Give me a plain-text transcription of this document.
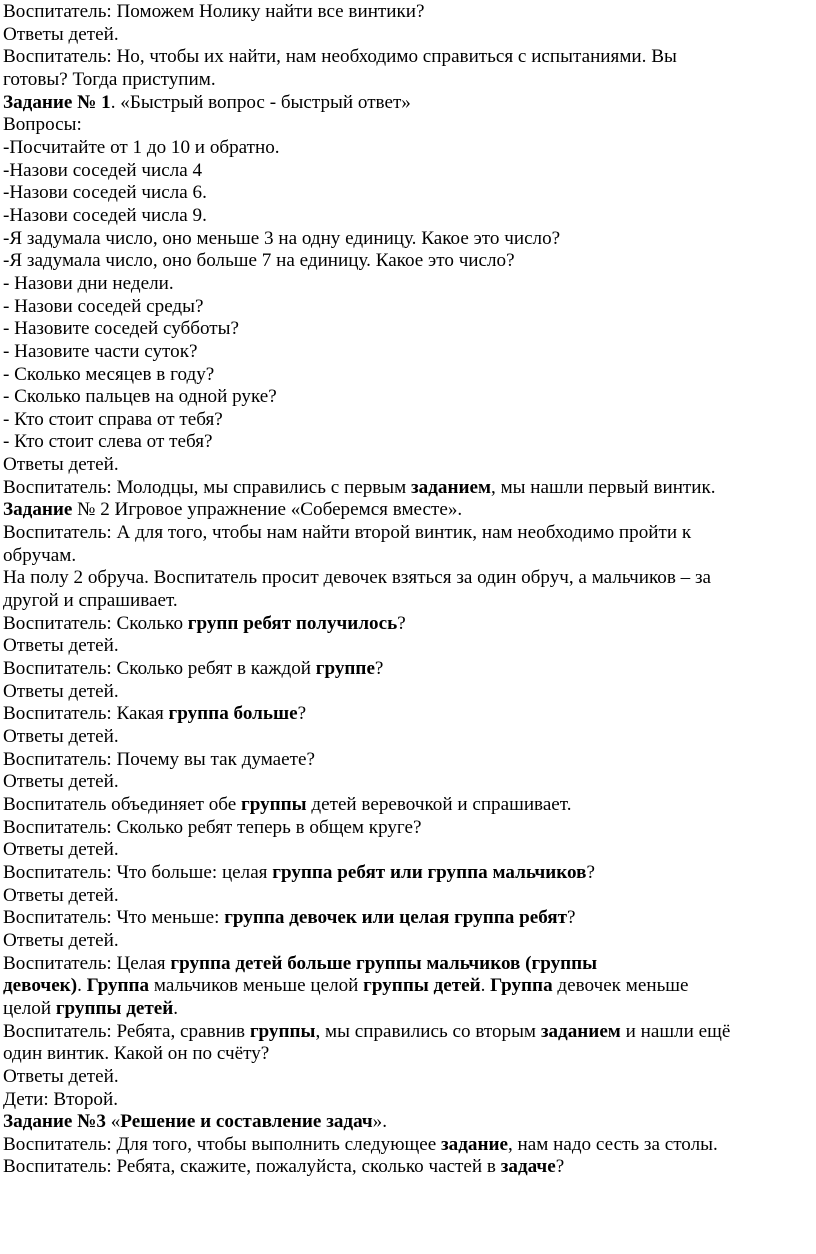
Воспитатель: Поможем Нолику найти все винтики?
Ответы детей.
Воспитатель: Но, чтобы их найти, нам необходимо справиться с испытаниями. Вы
готовы? Тогда приступим.
Задание № 1. «Быстрый вопрос - быстрый ответ»
Вопросы:
-Посчитайте от 1 до 10 и обратно.
-Назови соседей числа 4
-Назови соседей числа 6.
-Назови соседей числа 9.
-Я задумала число, оно меньше 3 на одну единицу. Какое это число?
-Я задумала число, оно больше 7 на единицу. Какое это число?
- Назови дни недели.
- Назови соседей среды?
- Назовите соседей субботы?
- Назовите части суток?
- Сколько месяцев в году?
- Сколько пальцев на одной руке?
- Кто стоит справа от тебя?
- Кто стоит слева от тебя?
Ответы детей.
Воспитатель: Молодцы, мы справились с первым заданием, мы нашли первый винтик.
Задание № 2 Игровое упражнение «Соберемся вместе».
Воспитатель: А для того, чтобы нам найти второй винтик, нам необходимо пройти к
обручам.
На полу 2 обруча. Воспитатель просит девочек взяться за один обруч, а мальчиков – за
другой и спрашивает.
Воспитатель: Сколько групп ребят получилось?
Ответы детей.
Воспитатель: Сколько ребят в каждой группе?
Ответы детей.
Воспитатель: Какая группа больше?
Ответы детей.
Воспитатель: Почему вы так думаете?
Ответы детей.
Воспитатель объединяет обе группы детей веревочкой и спрашивает.
Воспитатель: Сколько ребят теперь в общем круге?
Ответы детей.
Воспитатель: Что больше: целая группа ребят или группа мальчиков?
Ответы детей.
Воспитатель: Что меньше: группа девочек или целая группа ребят?
Ответы детей.
Воспитатель: Целая группа детей больше группы мальчиков (группы
девочек). Группа мальчиков меньше целой группы детей. Группа девочек меньше
целой группы детей.
Воспитатель: Ребята, сравнив группы, мы справились со вторым заданием и нашли ещё
один винтик. Какой он по счёту?
Ответы детей.
Дети: Второй.
Задание №3 «Решение и составление задач».
Воспитатель: Для того, чтобы выполнить следующее задание, нам надо сесть за столы.
Воспитатель: Ребята, скажите, пожалуйста, сколько частей в задаче?
